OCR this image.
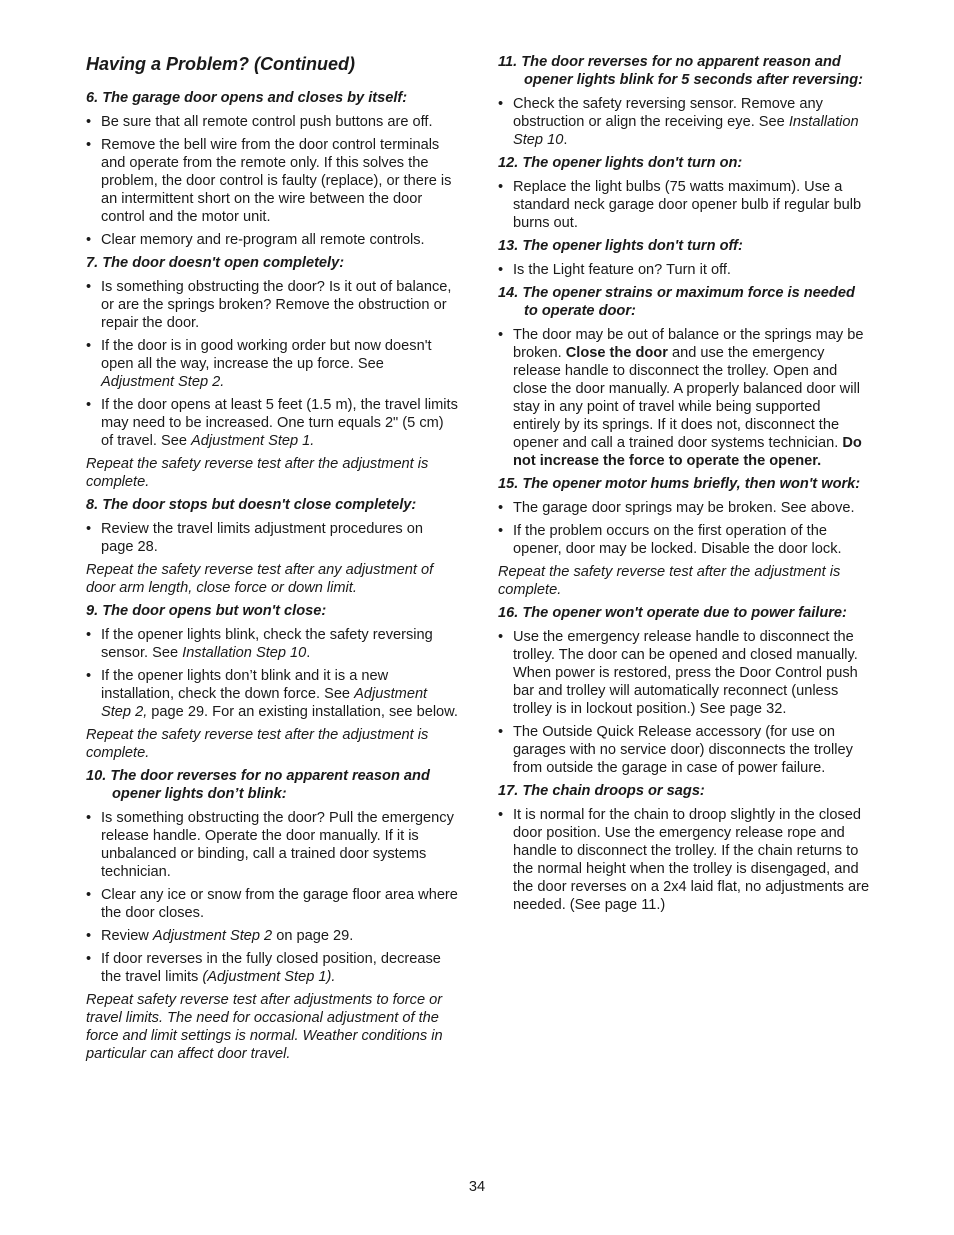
Having a Problem? (Continued)

6. The garage door opens and closes by itself:

• Be sure that all remote control push buttons are off.
• Remove the bell wire from the door control terminals and operate from the remote only. If this solves the problem, the door control is faulty (replace), or there is an intermittent short on the wire between the door control and the motor unit.
• Clear memory and re-program all remote controls.

7. The door doesn't open completely:

• Is something obstructing the door? Is it out of balance, or are the springs broken? Remove the obstruction or repair the door.
• If the door is in good working order but now doesn't open all the way, increase the up force. See Adjustment Step 2.
• If the door opens at least 5 feet (1.5 m), the travel limits may need to be increased. One turn equals 2" (5 cm) of travel. See Adjustment Step 1.

Repeat the safety reverse test after the adjustment is complete.

8. The door stops but doesn't close completely:

• Review the travel limits adjustment procedures on page 28.

Repeat the safety reverse test after any adjustment of door arm length, close force or down limit.

9. The door opens but won't close:

• If the opener lights blink, check the safety reversing sensor. See Installation Step 10.
• If the opener lights don’t blink and it is a new installation, check the down force. See Adjustment Step 2, page 29. For an existing installation, see below.

Repeat the safety reverse test after the adjustment is complete.

10. The door reverses for no apparent reason and opener lights don’t blink:

• Is something obstructing the door? Pull the emergency release handle. Operate the door manually. If it is unbalanced or binding, call a trained door systems technician.
• Clear any ice or snow from the garage floor area where the door closes.
• Review Adjustment Step 2 on page 29.
• If door reverses in the fully closed position, decrease the travel limits (Adjustment Step 1).

Repeat safety reverse test after adjustments to force or travel limits. The need for occasional adjustment of the force and limit settings is normal. Weather conditions in particular can affect door travel.

11. The door reverses for no apparent reason and opener lights blink for 5 seconds after reversing:

• Check the safety reversing sensor. Remove any obstruction or align the receiving eye. See Installation Step 10.

12. The opener lights don't turn on:

• Replace the light bulbs (75 watts maximum). Use a standard neck garage door opener bulb if regular bulb burns out.

13. The opener lights don't turn off:

• Is the Light feature on? Turn it off.

14. The opener strains or maximum force is needed to operate door:

• The door may be out of balance or the springs may be broken. Close the door and use the emergency release handle to disconnect the trolley. Open and close the door manually. A properly balanced door will stay in any point of travel while being supported entirely by its springs. If it does not, disconnect the opener and call a trained door systems technician. Do not increase the force to operate the opener.

15. The opener motor hums briefly, then won't work:

• The garage door springs may be broken. See above.
• If the problem occurs on the first operation of the opener, door may be locked. Disable the door lock.

Repeat the safety reverse test after the adjustment is complete.

16. The opener won't operate due to power failure:

• Use the emergency release handle to disconnect the trolley. The door can be opened and closed manually. When power is restored, press the Door Control push bar and trolley will automatically reconnect (unless trolley is in lockout position.) See page 32.
• The Outside Quick Release accessory (for use on garages with no service door) disconnects the trolley from outside the garage in case of power failure.

17. The chain droops or sags:

• It is normal for the chain to droop slightly in the closed door position. Use the emergency release rope and handle to disconnect the trolley. If the chain returns to the normal height when the trolley is disengaged, and the door reverses on a 2x4 laid flat, no adjustments are needed. (See page 11.)
34
